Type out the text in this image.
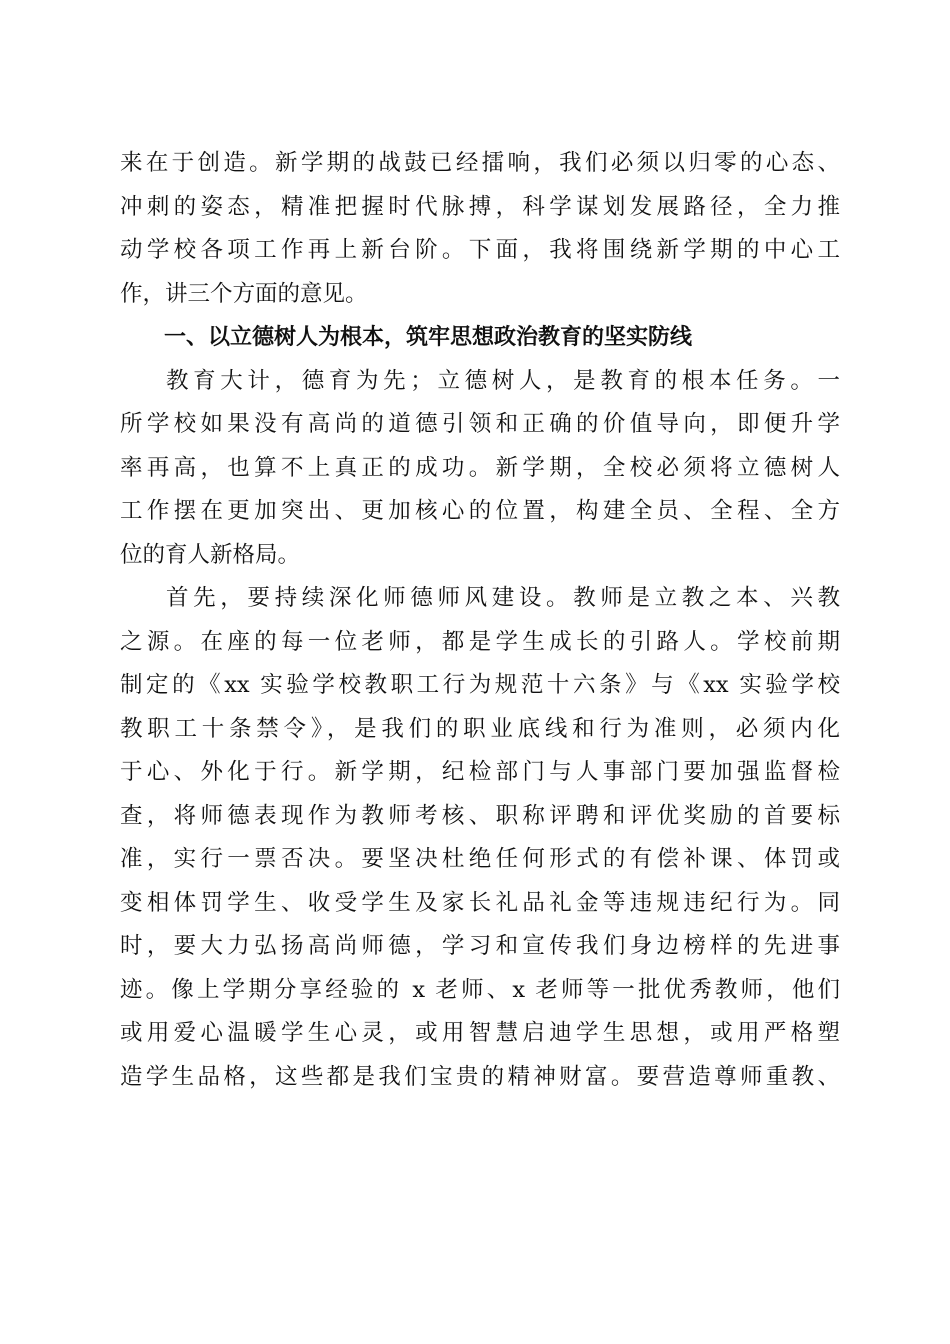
来在于创造。新学期的战鼓已经擂响，我们必须以归零的心态、
冲刺的姿态，精准把握时代脉搏，科学谋划发展路径，全力推
动学校各项工作再上新台阶。下面，我将围绕新学期的中心工
作，讲三个方面的意见。
一、以立德树人为根本，筑牢思想政治教育的坚实防线
教育大计，德育为先；立德树人，是教育的根本任务。一
所学校如果没有高尚的道德引领和正确的价值导向，即便升学
率再高，也算不上真正的成功。新学期，全校必须将立德树人
工作摆在更加突出、更加核心的位置，构建全员、全程、全方
位的育人新格局。
首先，要持续深化师德师风建设。教师是立教之本、兴教
之源。在座的每一位老师，都是学生成长的引路人。学校前期
制定的《xx 实验学校教职工行为规范十六条》与《xx 实验学校
教职工十条禁令》，是我们的职业底线和行为准则，必须内化
于心、外化于行。新学期，纪检部门与人事部门要加强监督检
查，将师德表现作为教师考核、职称评聘和评优奖励的首要标
准，实行一票否决。要坚决杜绝任何形式的有偿补课、体罚或
变相体罚学生、收受学生及家长礼品礼金等违规违纪行为。同
时，要大力弘扬高尚师德，学习和宣传我们身边榜样的先进事
迹。像上学期分享经验的 x 老师、x 老师等一批优秀教师，他们
或用爱心温暖学生心灵，或用智慧启迪学生思想，或用严格塑
造学生品格，这些都是我们宝贵的精神财富。要营造尊师重教、
